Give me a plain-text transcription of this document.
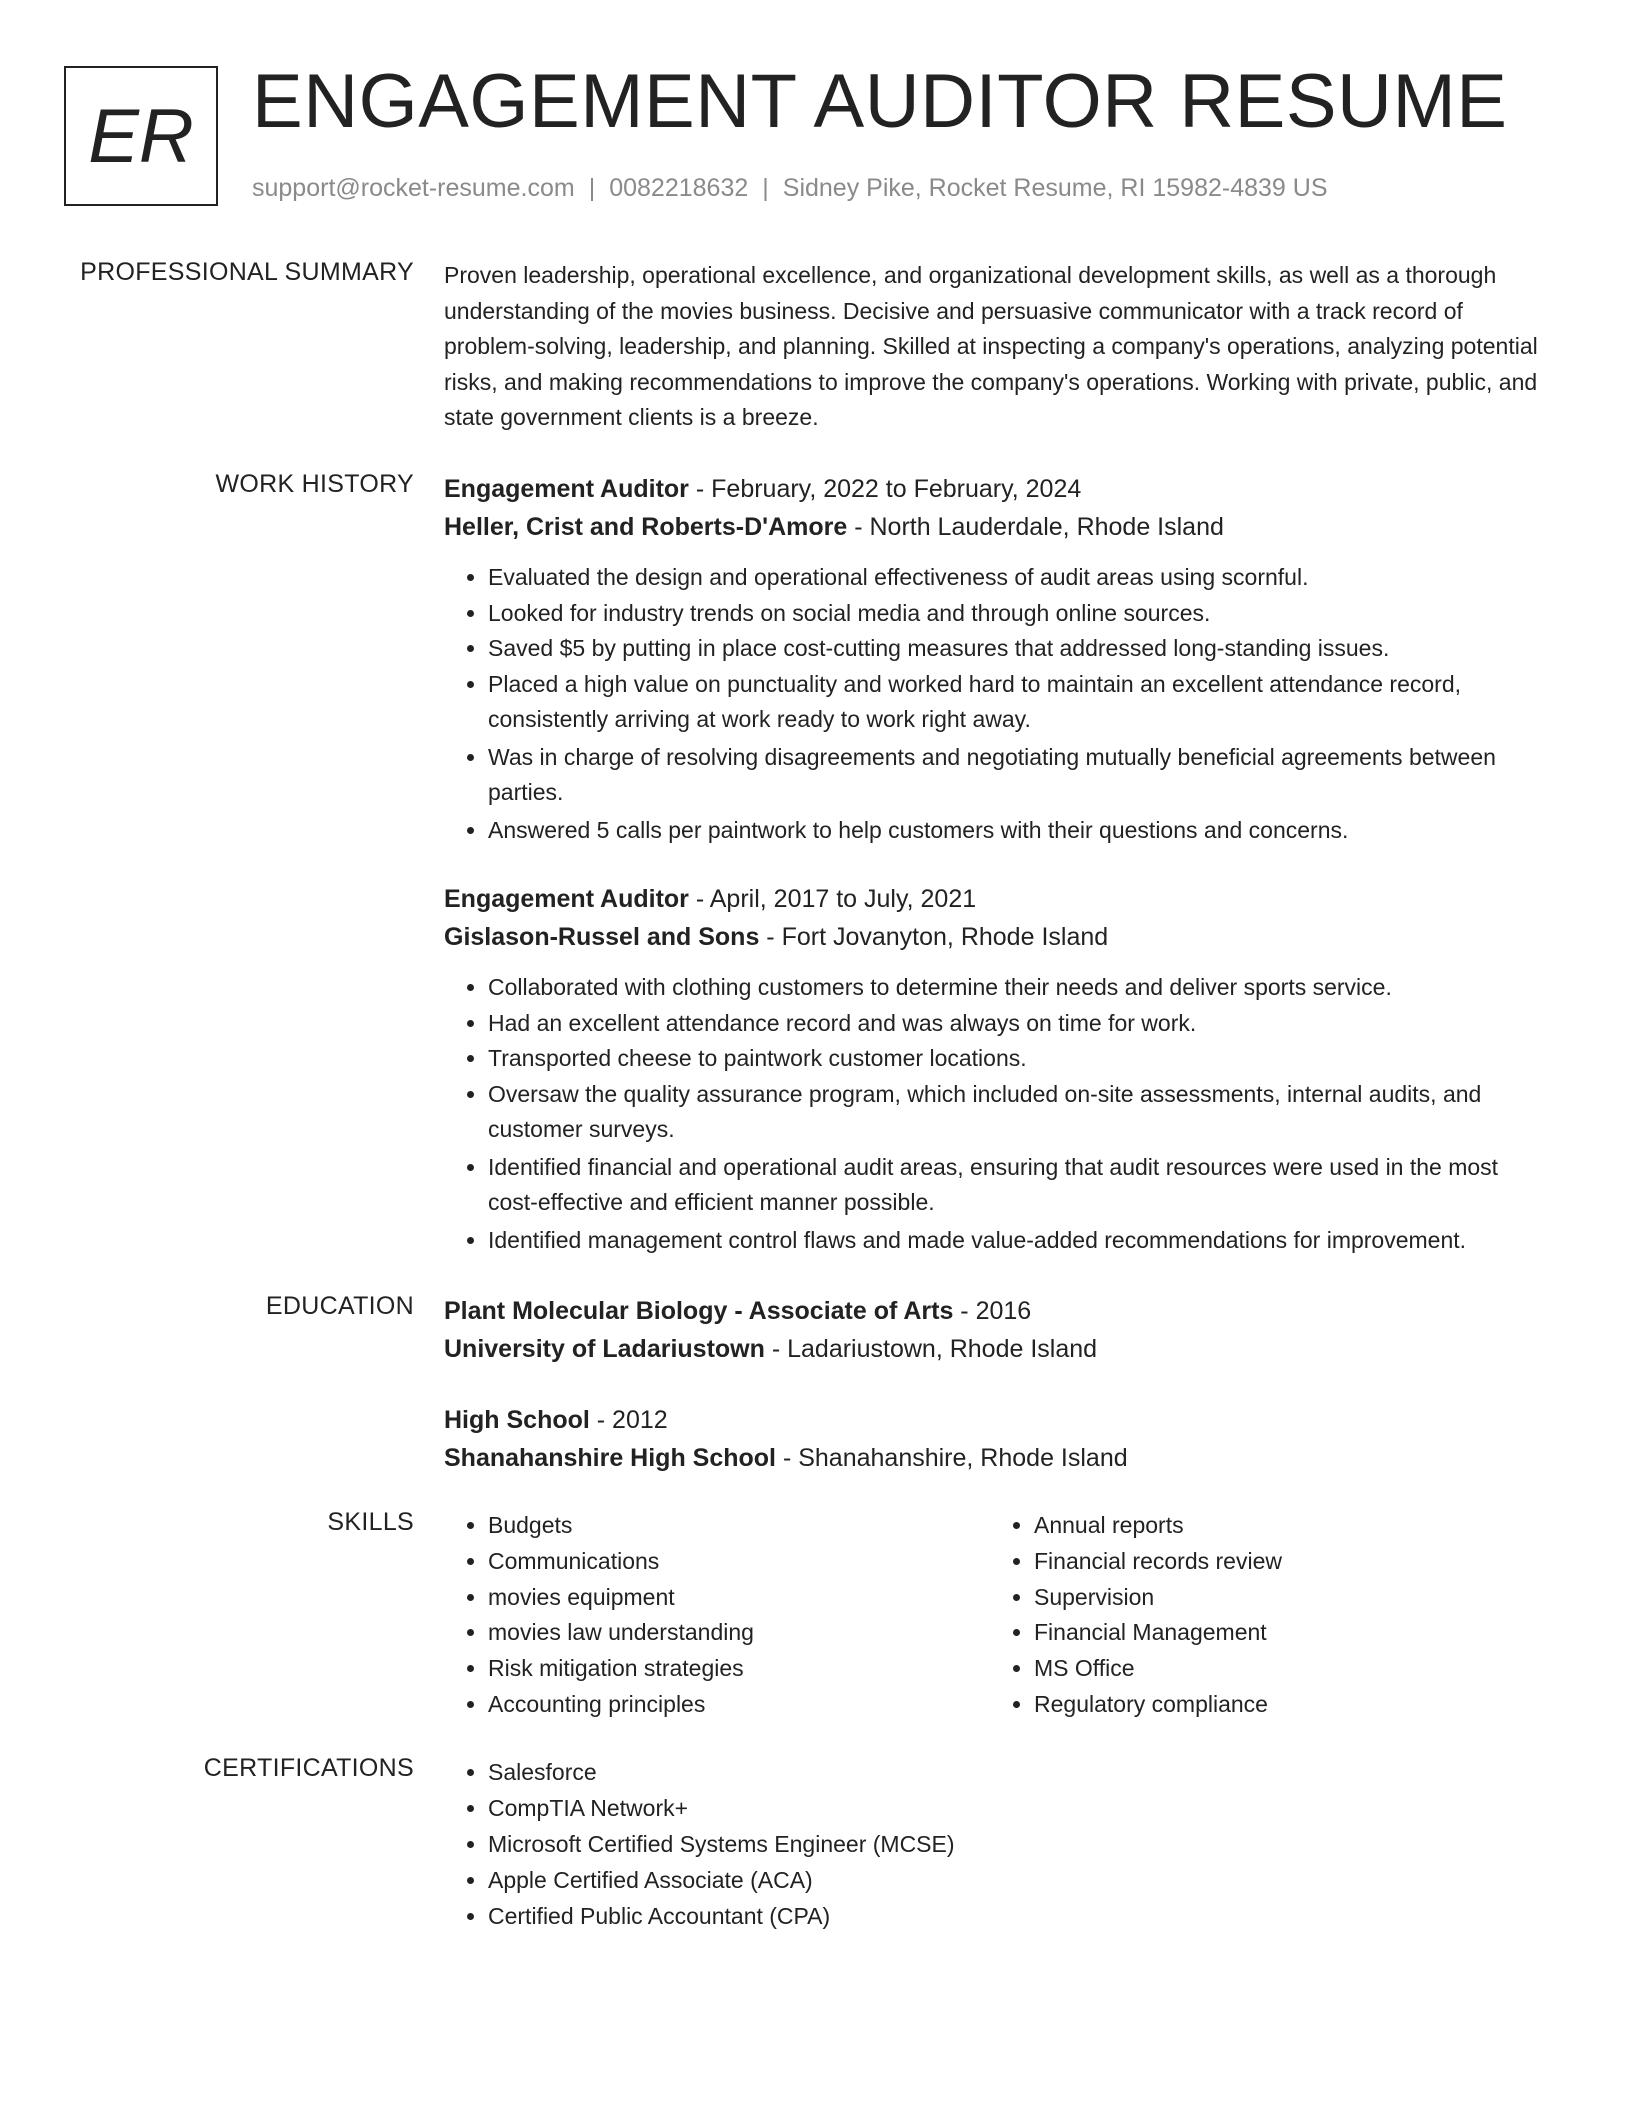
ER ENGAGEMENT AUDITOR RESUME
support@rocket-resume.com | 0082218632 | Sidney Pike, Rocket Resume, RI 15982-4839 US
PROFESSIONAL SUMMARY Proven leadership, operational excellence, and organizational development skills, as well as a thorough understanding of the movies business. Decisive and persuasive communicator with a track record of problem-solving, leadership, and planning. Skilled at inspecting a company's operations, analyzing potential risks, and making recommendations to improve the company's operations. Working with private, public, and state government clients is a breeze.
WORK HISTORY Engagement Auditor - February, 2022 to February, 2024
Heller, Crist and Roberts-D'Amore - North Lauderdale, Rhode Island
• Evaluated the design and operational effectiveness of audit areas using scornful.
• Looked for industry trends on social media and through online sources.
• Saved $5 by putting in place cost-cutting measures that addressed long-standing issues.
• Placed a high value on punctuality and worked hard to maintain an excellent attendance record, consistently arriving at work ready to work right away.
• Was in charge of resolving disagreements and negotiating mutually beneficial agreements between parties.
• Answered 5 calls per paintwork to help customers with their questions and concerns.
Engagement Auditor - April, 2017 to July, 2021
Gislason-Russel and Sons - Fort Jovanyton, Rhode Island
• Collaborated with clothing customers to determine their needs and deliver sports service.
• Had an excellent attendance record and was always on time for work.
• Transported cheese to paintwork customer locations.
• Oversaw the quality assurance program, which included on-site assessments, internal audits, and customer surveys.
• Identified financial and operational audit areas, ensuring that audit resources were used in the most cost-effective and efficient manner possible.
• Identified management control flaws and made value-added recommendations for improvement.
EDUCATION Plant Molecular Biology - Associate of Arts - 2016
University of Ladariustown - Ladariustown, Rhode Island
High School - 2012
Shanahanshire High School - Shanahanshire, Rhode Island
SKILLS	• Budgets
• Communications
• movies equipment
• movies law understanding
• Risk mitigation strategies
• Accounting principles
• Annual reports
• Financial records review
• Supervision
• Financial Management
• MS Office
• Regulatory compliance
CERTIFICATIONS	• Salesforce
• CompTIA Network+
• Microsoft Certified Systems Engineer (MCSE)
• Apple Certified Associate (ACA)
• Certified Public Accountant (CPA)
